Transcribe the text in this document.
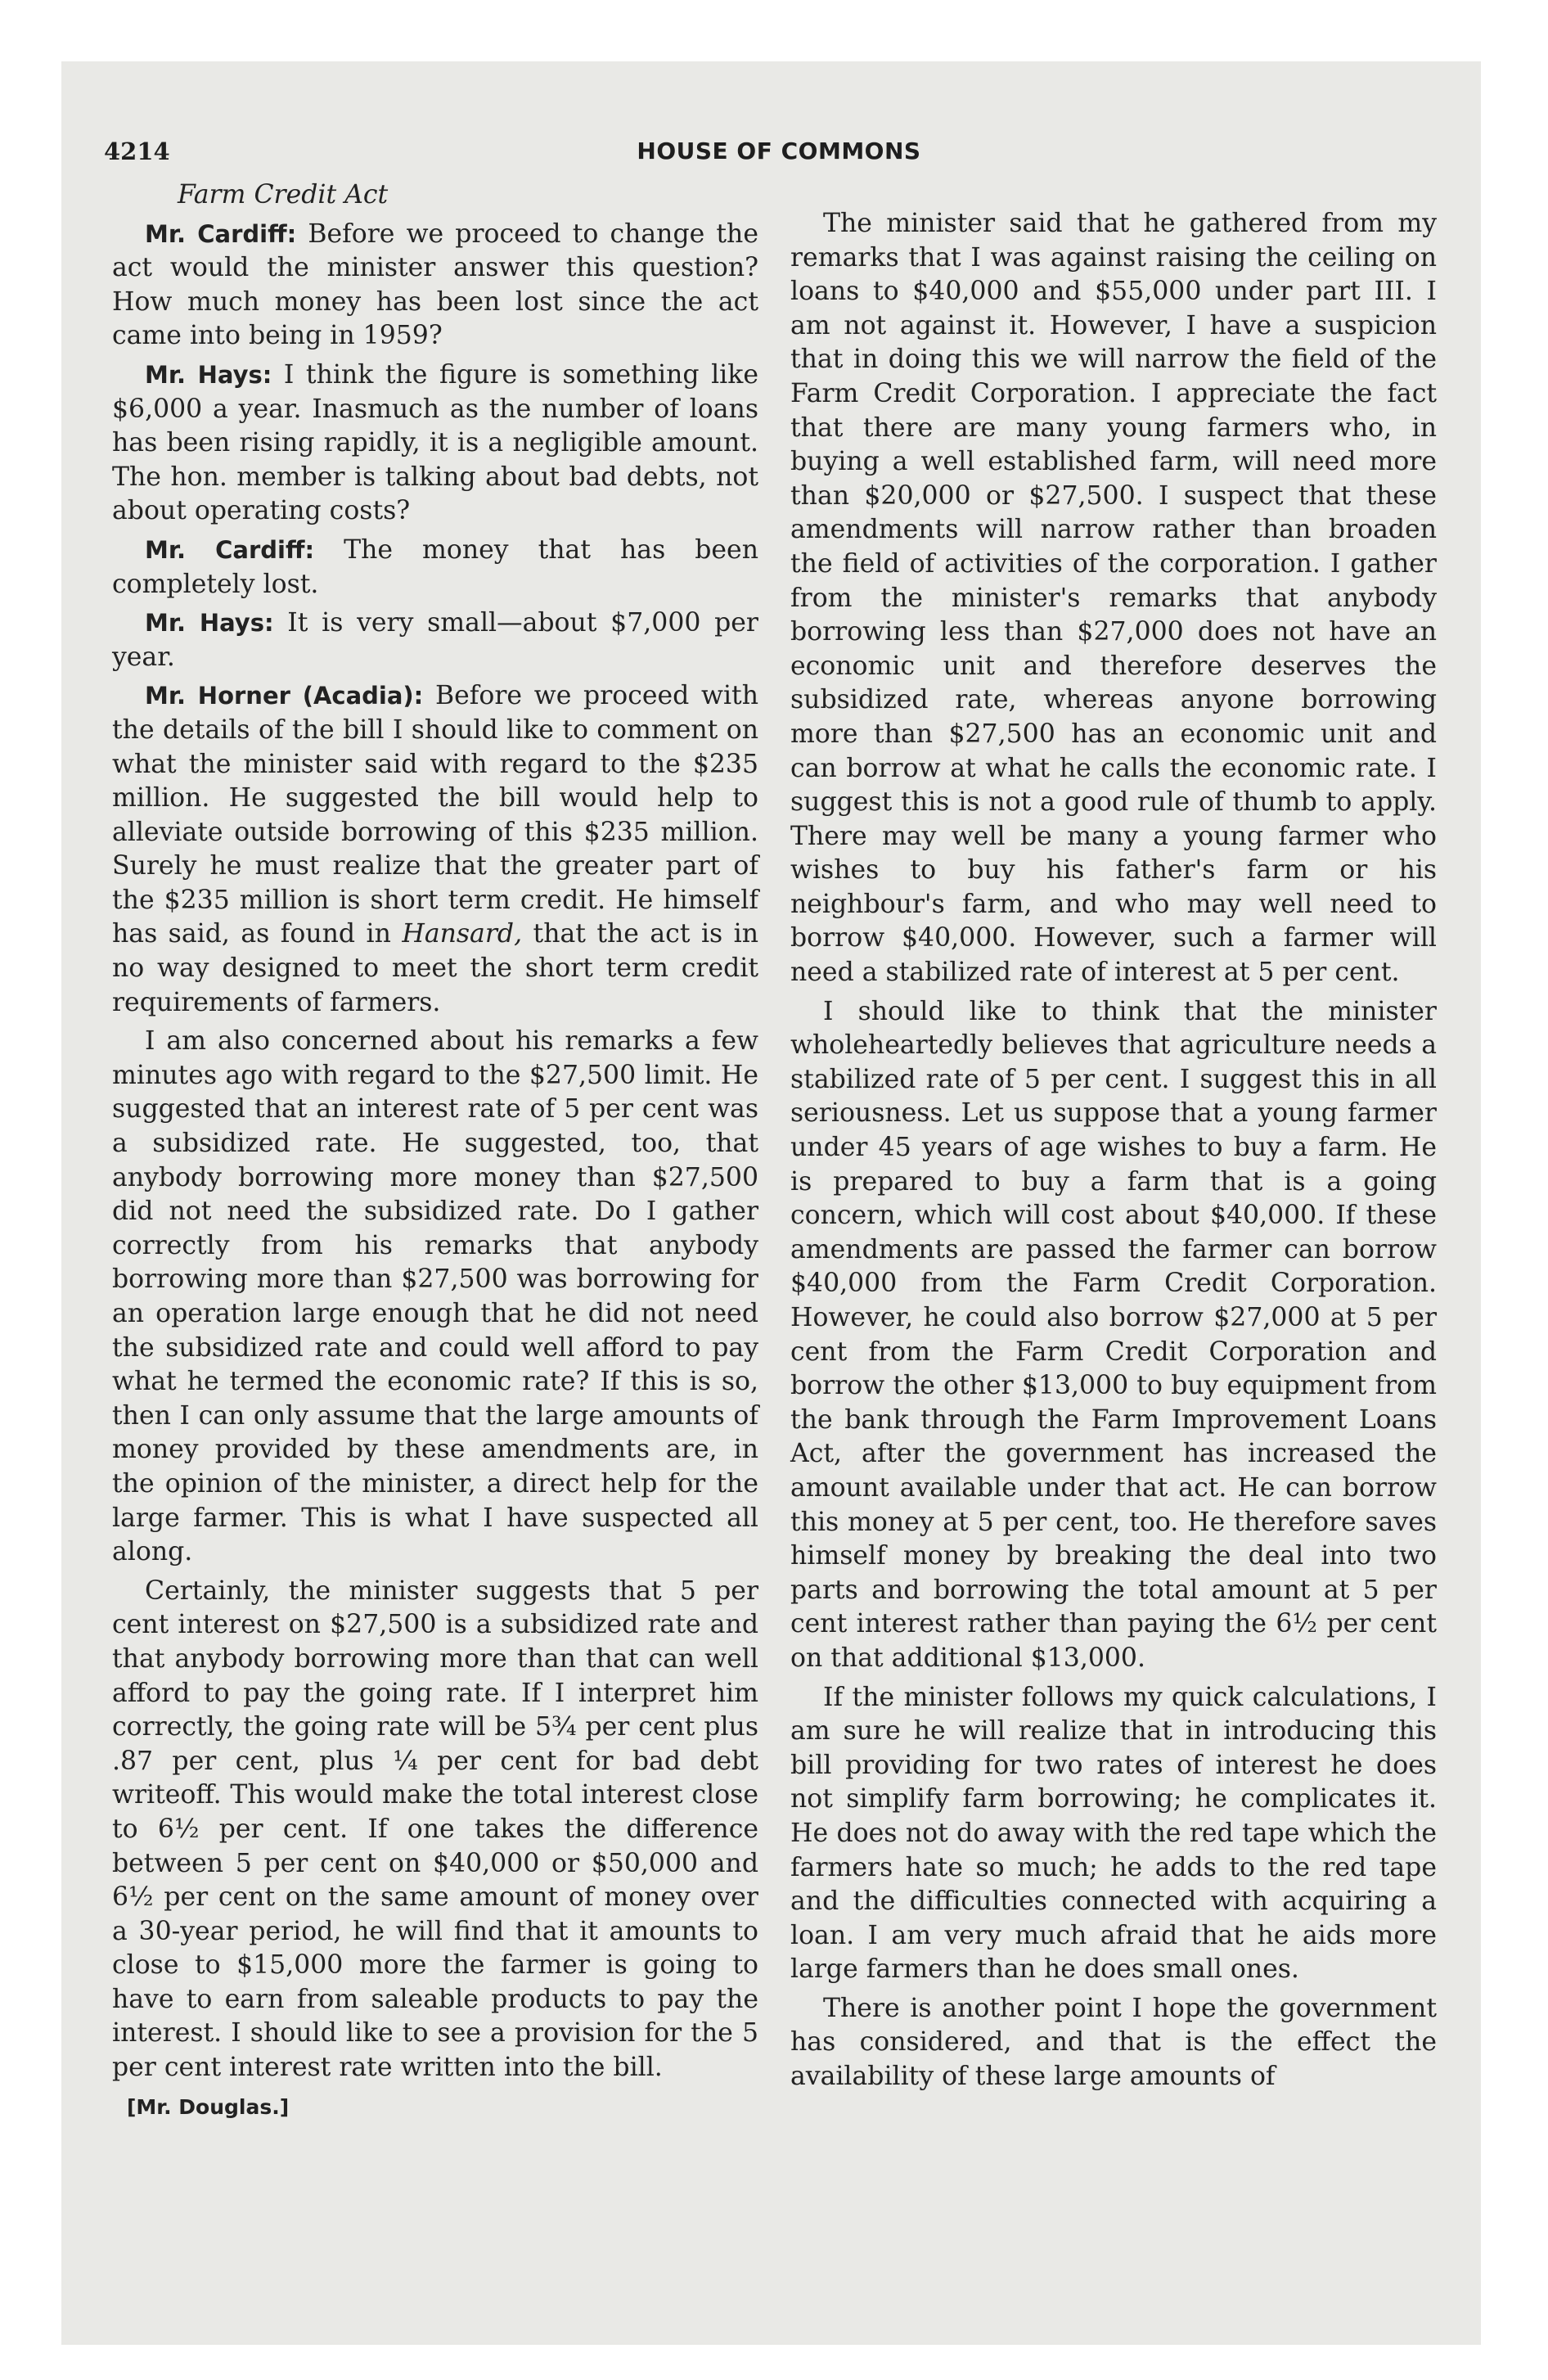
4214	HOUSE OF COMMONS

Farm Credit Act

Mr. Cardiff: Before we proceed to change the act would the minister answer this question? How much money has been lost since the act came into being in 1959?

Mr. Hays: I think the figure is something like $6,000 a year. Inasmuch as the number of loans has been rising rapidly, it is a negligible amount. The hon. member is talking about bad debts, not about operating costs?

Mr. Cardiff: The money that has been completely lost.

Mr. Hays: It is very small—about $7,000 per year.

Mr. Horner (Acadia): Before we proceed with the details of the bill I should like to comment on what the minister said with regard to the $235 million. He suggested the bill would help to alleviate outside borrowing of this $235 million. Surely he must realize that the greater part of the $235 million is short term credit. He himself has said, as found in Hansard, that the act is in no way designed to meet the short term credit requirements of farmers.

I am also concerned about his remarks a few minutes ago with regard to the $27,500 limit. He suggested that an interest rate of 5 per cent was a subsidized rate. He suggested, too, that anybody borrowing more money than $27,500 did not need the subsidized rate. Do I gather correctly from his remarks that anybody borrowing more than $27,500 was borrowing for an operation large enough that he did not need the subsidized rate and could well afford to pay what he termed the economic rate? If this is so, then I can only assume that the large amounts of money provided by these amendments are, in the opinion of the minister, a direct help for the large farmer. This is what I have suspected all along.

Certainly, the minister suggests that 5 per cent interest on $27,500 is a subsidized rate and that anybody borrowing more than that can well afford to pay the going rate. If I interpret him correctly, the going rate will be 5¾ per cent plus .87 per cent, plus ¼ per cent for bad debt writeoff. This would make the total interest close to 6½ per cent. If one takes the difference between 5 per cent on $40,000 or $50,000 and 6½ per cent on the same amount of money over a 30-year period, he will find that it amounts to close to $15,000 more the farmer is going to have to earn from saleable products to pay the interest. I should like to see a provision for the 5 per cent interest rate written into the bill.

[Mr. Douglas.]

The minister said that he gathered from my remarks that I was against raising the ceiling on loans to $40,000 and $55,000 under part III. I am not against it. However, I have a suspicion that in doing this we will narrow the field of the Farm Credit Corporation. I appreciate the fact that there are many young farmers who, in buying a well established farm, will need more than $20,000 or $27,500. I suspect that these amendments will narrow rather than broaden the field of activities of the corporation. I gather from the minister's remarks that anybody borrowing less than $27,000 does not have an economic unit and therefore deserves the subsidized rate, whereas anyone borrowing more than $27,500 has an economic unit and can borrow at what he calls the economic rate. I suggest this is not a good rule of thumb to apply. There may well be many a young farmer who wishes to buy his father's farm or his neighbour's farm, and who may well need to borrow $40,000. However, such a farmer will need a stabilized rate of interest at 5 per cent.

I should like to think that the minister wholeheartedly believes that agriculture needs a stabilized rate of 5 per cent. I suggest this in all seriousness. Let us suppose that a young farmer under 45 years of age wishes to buy a farm. He is prepared to buy a farm that is a going concern, which will cost about $40,000. If these amendments are passed the farmer can borrow $40,000 from the Farm Credit Corporation. However, he could also borrow $27,000 at 5 per cent from the Farm Credit Corporation and borrow the other $13,000 to buy equipment from the bank through the Farm Improvement Loans Act, after the government has increased the amount available under that act. He can borrow this money at 5 per cent, too. He therefore saves himself money by breaking the deal into two parts and borrowing the total amount at 5 per cent interest rather than paying the 6½ per cent on that additional $13,000.

If the minister follows my quick calculations, I am sure he will realize that in introducing this bill providing for two rates of interest he does not simplify farm borrowing; he complicates it. He does not do away with the red tape which the farmers hate so much; he adds to the red tape and the difficulties connected with acquiring a loan. I am very much afraid that he aids more large farmers than he does small ones.

There is another point I hope the government has considered, and that is the effect the availability of these large amounts of
